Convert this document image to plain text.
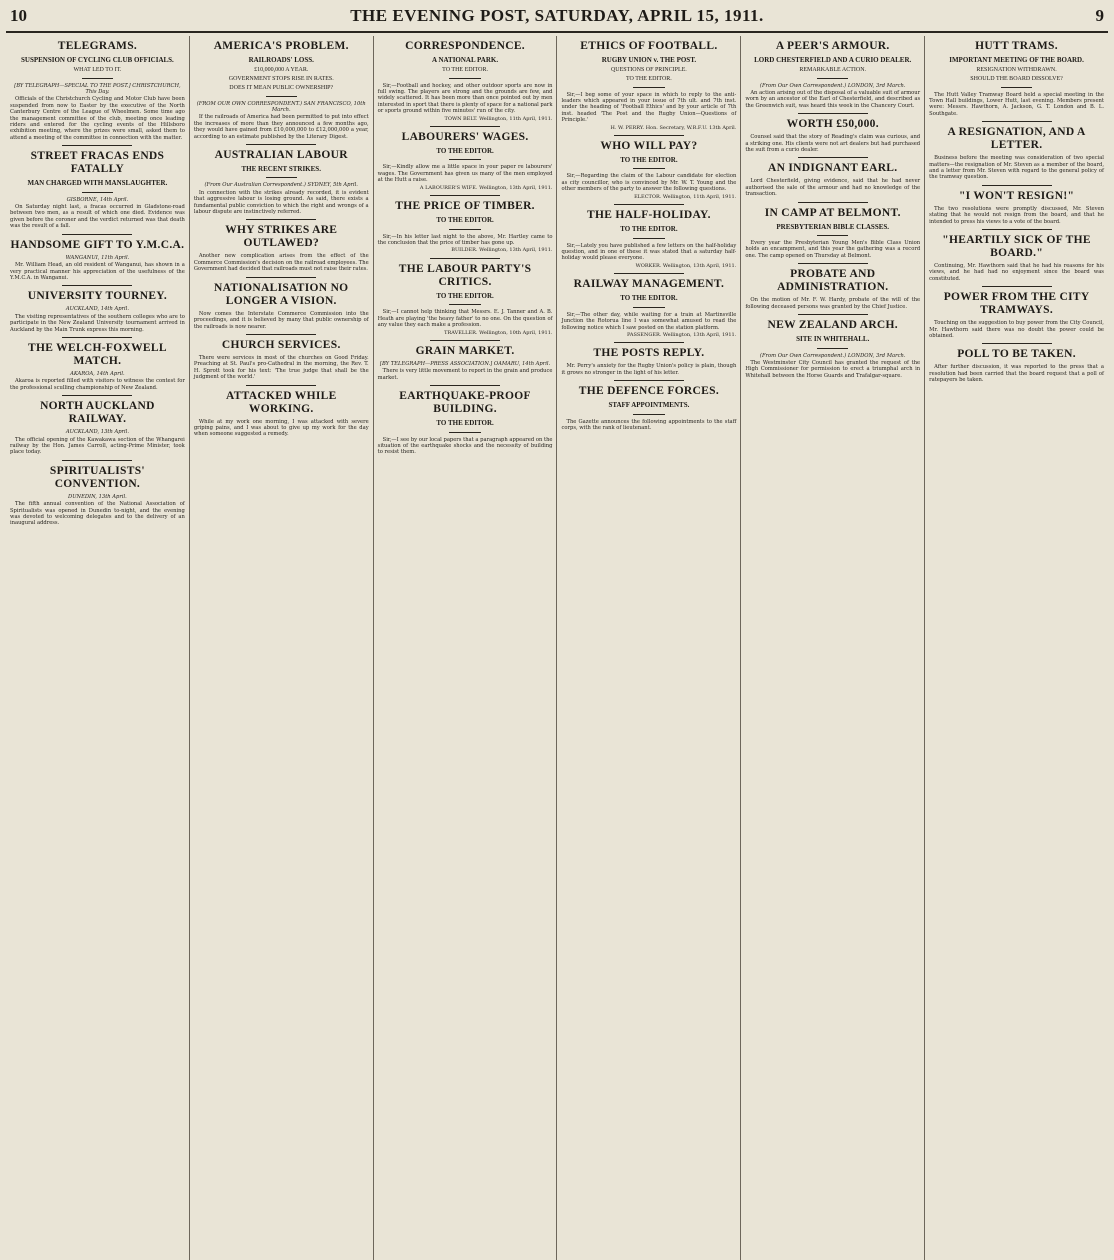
10	THE EVENING POST, SATURDAY, APRIL 15, 1911.	9
TELEGRAMS.
SUSPENSION OF CYCLING CLUB OFFICIALS.
WHAT LED TO IT.
[BY TELEGRAPH—SPECIAL TO THE POST.] CHRISTCHURCH, This Day.

Officials of the Christchurch Cycling and Motor Club have been suspended from now to Easter by the executive of the North Canterbury Centre of the League of Wheelmen. Some time ago the management committee of the club, meeting once leading riders and entered for the cycling events of the Hillsboro exhibition meeting, where the prizes were small, asked them to attend a meeting of the committee in connection with the matter.

STREET FRACAS ENDS FATALLY
MAN CHARGED WITH MANSLAUGHTER.
GISBORNE, 14th April.

On Saturday night last, a fracas occurred in Gladstone-road between two men, as a result of which one died. Evidence was given before the coroner and the verdict returned was that death was the result of a fall.

HANDSOME GIFT TO Y.M.C.A.
WANGANUI, 11th April.

Mr. William Head, an old resident of Wanganui, has shown in a very practical manner his appreciation of the usefulness of the Y.M.C.A. in Wanganui.

UNIVERSITY TOURNEY.
AUCKLAND, 14th April.

The visiting representatives of the southern colleges who are to participate in the New Zealand University tournament arrived in Auckland by the Main Trunk express this morning.

THE WELCH-FOXWELL MATCH.
AKAROA, 14th April.

Akaroa is reported filled with visitors to witness the contest for the professional sculling championship of New Zealand.

NORTH AUCKLAND RAILWAY.
AUCKLAND, 13th April.

The official opening of the Kawakawa section of the Whangarei railway by the Hon. James Carroll, acting-Prime Minister, took place today.

SPIRITUALISTS' CONVENTION.
DUNEDIN, 13th April.

The fifth annual convention of the National Association of Spiritualists was opened in Dunedin to-night, and the evening was devoted to welcoming delegates and to the delivery of an inaugural address.

AMERICA'S PROBLEM.
RAILROADS' LOSS.
£10,000,000 A YEAR.
GOVERNMENT STOPS RISE IN RATES.
DOES IT MEAN PUBLIC OWNERSHIP?
(FROM OUR OWN CORRESPONDENT.) SAN FRANCISCO, 10th March.

If the railroads of America had been permitted to put into effect the increases of more than they announced a few months ago, they would have gained from £10,000,000 to £12,000,000 a year, according to an estimate published by the Literary Digest.

AUSTRALIAN LABOUR
THE RECENT STRIKES.
(From Our Australian Correspondent.) SYDNEY, 5th April.

In connection with the strikes already recorded, it is evident that aggressive labour is losing ground. As said, there exists a fundamental public conviction to which the right and wrongs of a labour dispute are instinctively referred.

WHY STRIKES ARE OUTLAWED?

Another new complication arises from the effect of the Commerce Commission's decision on the railroad employees. The Government had decided that railroads must not raise their rates.

NATIONALISATION NO LONGER A VISION.

Now comes the Interstate Commerce Commission into the proceedings, and it is believed by many that public ownership of the railroads is now nearer.

CHURCH SERVICES.

There were services in most of the churches on Good Friday. Preaching at St. Paul's pro-Cathedral in the morning, the Rev. T. H. Sprott took for his text: 'The true judge that shall be the judgment of the world.'

ATTACKED WHILE WORKING.

While at my work one morning, I was attacked with severe griping pains, and I was about to give up my work for the day when someone suggested a remedy.

CORRESPONDENCE.
A NATIONAL PARK.
TO THE EDITOR.

Sir,—Football and hockey, and other outdoor sports are now in full swing. The players are strong and the grounds are few, and widely scattered. It has been more than once pointed out by men interested in sport that there is plenty of space for a national park or sports ground within five minutes' run of the city.

TOWN BELT. Wellington, 11th April, 1911.
LABOURERS' WAGES.
TO THE EDITOR.

Sir,—Kindly allow me a little space in your paper re labourers' wages. The Government has given us many of the men employed at the Hutt a raise.

A LABOURER'S WIFE. Wellington, 13th April, 1911.
THE PRICE OF TIMBER.
TO THE EDITOR.

Sir,—In his letter last night to the above, Mr. Hartley came to the conclusion that the price of timber has gone up.

BUILDER. Wellington, 13th April, 1911.
THE LABOUR PARTY'S CRITICS.
TO THE EDITOR.

Sir,—I cannot help thinking that Messrs. E. J. Tanner and A. B. Heath are playing 'the heavy father' to no one. On the question of any value they each make a profession.

TRAVELLER. Wellington, 10th April, 1911.
GRAIN MARKET.
[BY TELEGRAPH—PRESS ASSOCIATION.] OAMARU, 14th April.

There is very little movement to report in the grain and produce market.

EARTHQUAKE-PROOF BUILDING.
TO THE EDITOR.

Sir,—I see by our local papers that a paragraph appeared on the situation of the earthquake shocks and the necessity of building to resist them.

ETHICS OF FOOTBALL.
RUGBY UNION v. THE POST.
QUESTIONS OF PRINCIPLE.
TO THE EDITOR.

Sir,—I beg some of your space in which to reply to the anti-leaders which appeared in your issue of 7th ult. and 7th inst. under the heading of 'Football Ethics' and by your article of 7th inst. headed 'The Post and the Rugby Union—Questions of Principle.'

H. W. PERRY. Hon. Secretary, W.R.F.U. 13th April.
WHO WILL PAY?
TO THE EDITOR.

Sir,—Regarding the claim of the Labour candidate for election as city councillor, who is convinced by Mr. W. T. Young and the other members of the party to answer the following questions.

ELECTOR. Wellington, 11th April, 1911.
THE HALF-HOLIDAY.
TO THE EDITOR.

Sir,—Lately you have published a few letters on the half-holiday question, and in one of these it was stated that a saturday half-holiday would please everyone.

WORKER. Wellington, 13th April, 1911.
RAILWAY MANAGEMENT.
TO THE EDITOR.

Sir,—The other day, while waiting for a train at Martinsville Junction the Rotorua line I was somewhat amused to read the following notice which I saw posted on the station platform.

PASSENGER. Wellington, 13th April, 1911.
THE POSTS REPLY.

Mr. Perry's anxiety for the Rugby Union's policy is plain, though it grows no stronger in the light of his letter.

THE DEFENCE FORCES.
STAFF APPOINTMENTS.

The Gazette announces the following appointments to the staff corps, with the rank of lieutenant.

A PEER'S ARMOUR.
LORD CHESTERFIELD AND A CURIO DEALER.
REMARKABLE ACTION.
(From Our Own Correspondent.) LONDON, 3rd March.

An action arising out of the disposal of a valuable suit of armour worn by an ancestor of the Earl of Chesterfield, and described as the Greenwich suit, was heard this week in the Chancery Court.

WORTH £50,000.

Counsel said that the story of Reading's claim was curious, and a striking one. His clients were not art dealers but had purchased the suit from a curio dealer.

AN INDIGNANT EARL.

Lord Chesterfield, giving evidence, said that he had never authorised the sale of the armour and had no knowledge of the transaction.

IN CAMP AT BELMONT.
PRESBYTERIAN BIBLE CLASSES.

Every year the Presbyterian Young Men's Bible Class Union holds an encampment, and this year the gathering was a record one. The camp opened on Thursday at Belmont.

PROBATE AND ADMINISTRATION.

On the motion of Mr. F. W. Hardy, probate of the will of the following deceased persons was granted by the Chief Justice.

NEW ZEALAND ARCH.
SITE IN WHITEHALL.
(From Our Own Correspondent.) LONDON, 3rd March.

The Westminster City Council has granted the request of the High Commissioner for permission to erect a triumphal arch in Whitehall between the Horse Guards and Trafalgar-square.

HUTT TRAMS.
IMPORTANT MEETING OF THE BOARD.
RESIGNATION WITHDRAWN.
SHOULD THE BOARD DISSOLVE?

The Hutt Valley Tramway Board held a special meeting in the Town Hall buildings, Lower Hutt, last evening. Members present were: Messrs. Hawthorn, A. Jackson, G. T. London and B. L. Southgate.

A RESIGNATION, AND A LETTER.

Business before the meeting was consideration of two special matters—the resignation of Mr. Steven as a member of the board, and a letter from Mr. Steven with regard to the general policy of the tramway question.

"I WON'T RESIGN!"

The two resolutions were promptly discussed, Mr. Steven stating that he would not resign from the board, and that he intended to press his views to a vote of the board.

"HEARTILY SICK OF THE BOARD."

Continuing, Mr. Hawthorn said that he had his reasons for his views, and he had had no enjoyment since the board was constituted.

POWER FROM THE CITY TRAMWAYS.

Touching on the suggestion to buy power from the City Council, Mr. Hawthorn said there was no doubt the power could be obtained.

POLL TO BE TAKEN.

After further discussion, it was reported to the press that a resolution had been carried that the board request that a poll of ratepayers be taken.
